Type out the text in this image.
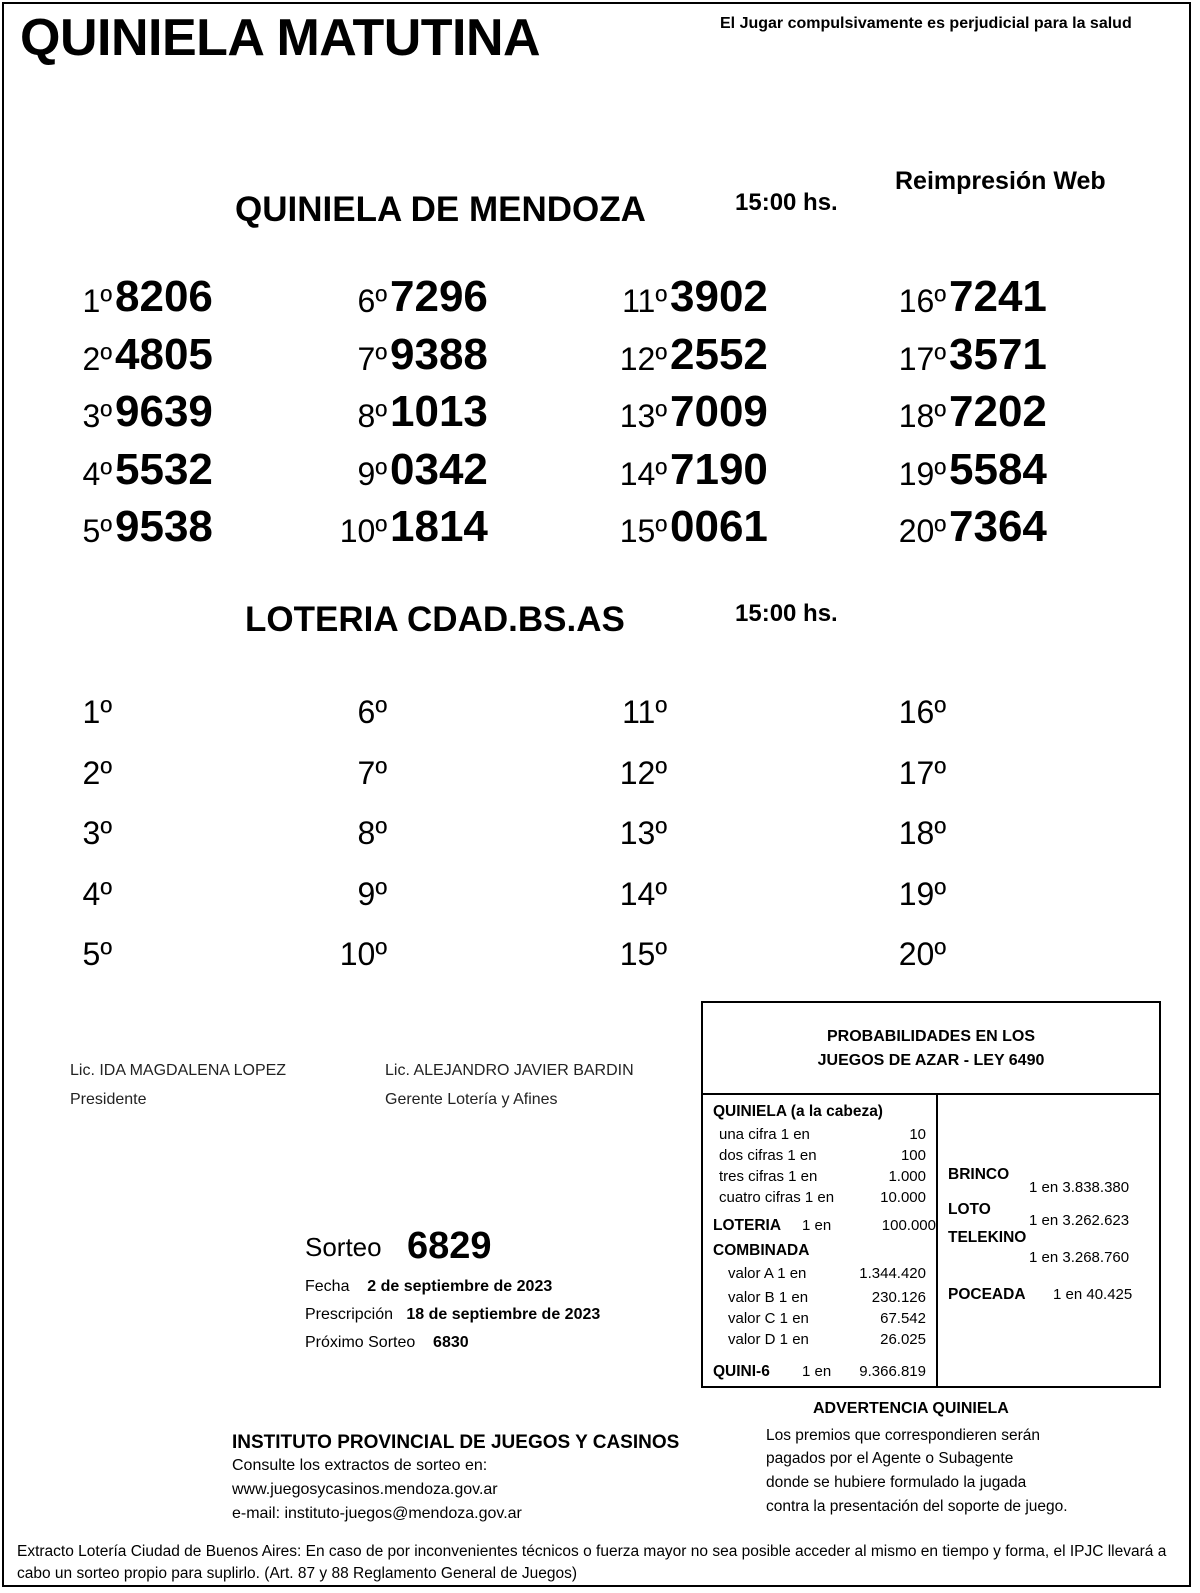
QUINIELA MATUTINA	El Jugar compulsivamente es perjudicial para la salud
Reimpresión Web
QUINIELA DE MENDOZA	15:00 hs.
1º 8206
2º 4805
3º 9639
4º 5532
5º 9538
6º 7296
7º 9388
8º 1013
9º 0342
10º 1814
11º 3902
12º 2552
13º 7009
14º 7190
15º 0061
16º 7241
17º 3571
18º 7202
19º 5584
20º 7364
LOTERIA CDAD.BS.AS	15:00 hs.
1º
2º
3º
4º
5º
6º
7º
8º
9º
10º
11º
12º
13º
14º
15º
16º
17º
18º
19º
20º
Lic. IDA MAGDALENA LOPEZ
Presidente
Lic. ALEJANDRO JAVIER BARDIN
Gerente Lotería y Afines
Sorteo 6829
Fecha 2 de septiembre de 2023
Prescripción 18 de septiembre de 2023
Próximo Sorteo 6830
PROBABILIDADES EN LOS
JUEGOS DE AZAR - LEY 6490
QUINIELA (a la cabeza)
una cifra 1 en	10
dos cifras 1 en	100
tres cifras 1 en	1.000
cuatro cifras 1 en	10.000
LOTERIA 1 en	100.000
COMBINADA
valor A 1 en	1.344.420
valor B 1 en	230.126
valor C 1 en	67.542
valor D 1 en	26.025
QUINI-6 1 en 9.366.819
BRINCO
1 en 3.838.380
LOTO
1 en 3.262.623
TELEKINO
1 en 3.268.760
POCEADA 1 en 40.425
INSTITUTO PROVINCIAL DE JUEGOS Y CASINOS
Consulte los extractos de sorteo en:
www.juegosycasinos.mendoza.gov.ar
e-mail: instituto-juegos@mendoza.gov.ar
ADVERTENCIA QUINIELA
Los premios que correspondieren serán
pagados por el Agente o Subagente
donde se hubiere formulado la jugada
contra la presentación del soporte de juego.
Extracto Lotería Ciudad de Buenos Aires: En caso de por inconvenientes técnicos o fuerza mayor no sea posible acceder al mismo en tiempo y forma, el IPJC llevará a cabo un sorteo propio para suplirlo. (Art. 87 y 88 Reglamento General de Juegos)
